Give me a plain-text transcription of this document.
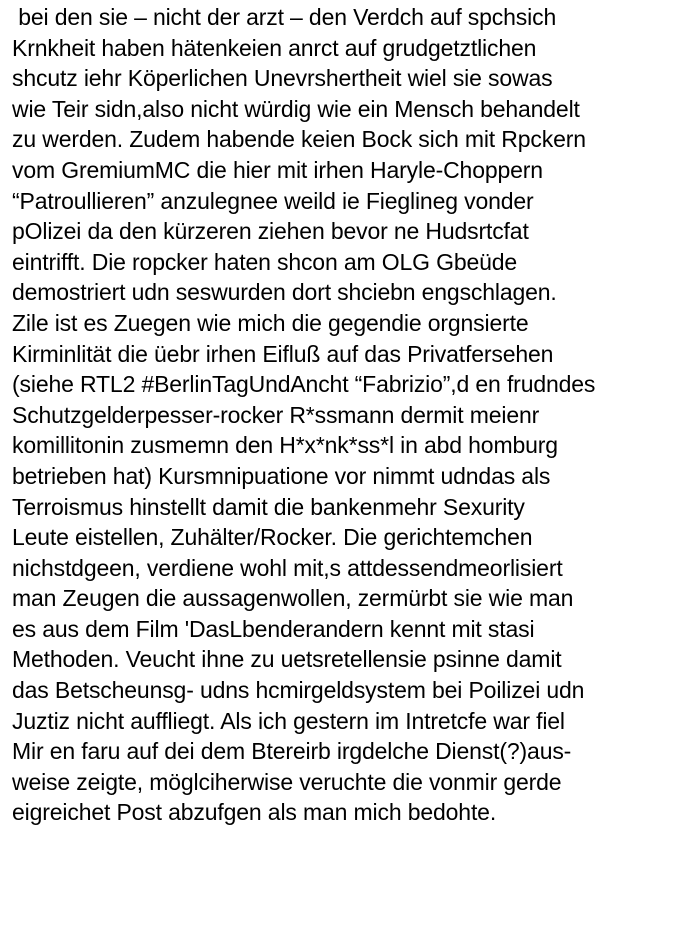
bei den sie – nicht der arzt – den Verdch auf spchsich
Krnkheit haben hätenkeien anrct auf grudgetztlichen
shcutz iehr Köperlichen Unevrshertheit wiel sie sowas
wie Teir sidn,also nicht würdig wie ein Mensch behandelt
zu werden. Zudem habende keien Bock sich mit Rpckern
vom GremiumMC die hier mit irhen Haryle-Choppern
“Patroullieren” anzulegnee weild ie Fieglineg vonder
pOlizei da den kürzeren ziehen bevor ne Hudsrtcfat
eintrifft. Die ropcker haten shcon am OLG Gbeüde
demostriert udn seswurden dort shciebn engschlagen.
Zile ist es Zuegen wie mich die gegendie orgnsierte
Kirminlität die üebr irhen Eifluß auf das Privatfersehen
(siehe RTL2 #BerlinTagUndAncht “Fabrizio”,d en frudndes
Schutzgelderpesser-rocker R*ssmann dermit meienr
komillitonin zusmemn den H*x*nk*ss*l in abd homburg
betrieben hat) Kursmnipuatione vor nimmt udndas als
Terroismus hinstellt damit die bankenmehr Sexurity
Leute eistellen, Zuhälter/Rocker. Die gerichtemchen
nichstdgeen, verdiene wohl mit,s attdessendmeorlisiert
man Zeugen die aussagenwollen, zermürbt sie wie man
es aus dem Film 'DasLbenderandern kennt mit stasi
Methoden. Veucht ihne zu uetsretellensie psinne damit
das Betscheunsg- udns hcmirgeldsystem bei Poilizei udn
Juztiz nicht auffliegt. Als ich gestern im Intretcfe war fiel
Mir en faru auf dei dem Btereirb irgdelche Dienst(?)aus-
weise zeigte, möglciherwise veruchte die vonmir gerde
eigreichet Post abzufgen als man mich bedohte.
